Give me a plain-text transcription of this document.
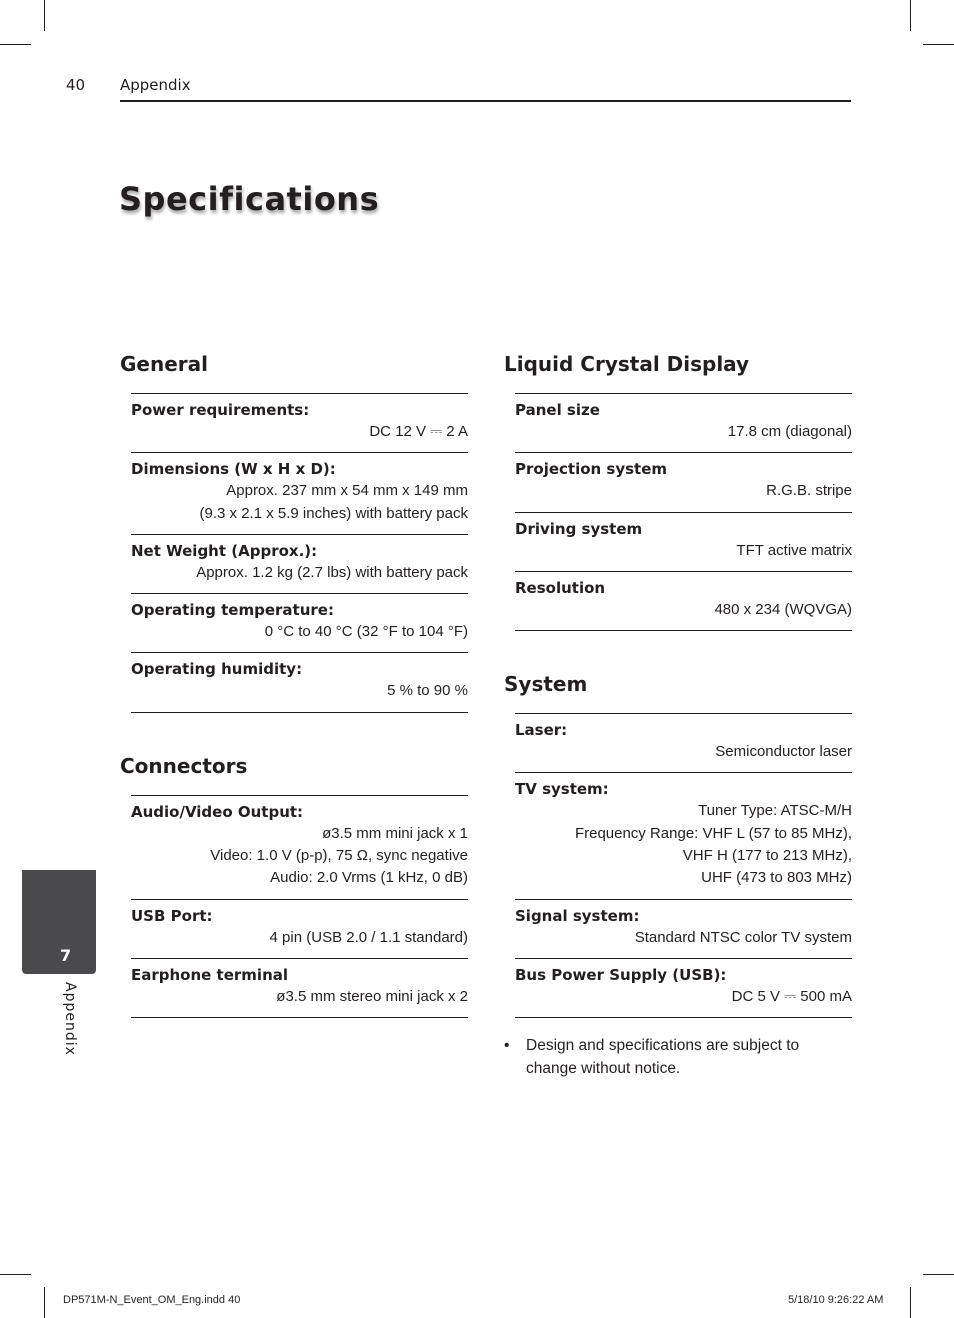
40 Appendix
Specifications
General
Power requirements:
DC 12 V ⎓ 2 A
Dimensions (W x H x D):
Approx. 237 mm x 54 mm x 149 mm
(9.3 x 2.1 x 5.9 inches) with battery pack
Net Weight (Approx.):
Approx. 1.2 kg (2.7 lbs) with battery pack
Operating temperature:
0 °C to 40 °C (32 °F to 104 °F)
Operating humidity:
5 % to 90 %
Connectors
Audio/Video Output:
ø3.5 mm mini jack x 1
Video: 1.0 V (p-p), 75 Ω, sync negative
Audio: 2.0 Vrms (1 kHz, 0 dB)
USB Port:
4 pin (USB 2.0 / 1.1 standard)
Earphone terminal
ø3.5 mm stereo mini jack x 2
Liquid Crystal Display
Panel size
17.8 cm (diagonal)
Projection system
R.G.B. stripe
Driving system
TFT active matrix
Resolution
480 x 234 (WQVGA)
System
Laser:
Semiconductor laser
TV system:
Tuner Type: ATSC-M/H
Frequency Range: VHF L (57 to 85 MHz),
VHF H (177 to 213 MHz),
UHF (473 to 803 MHz)
Signal system:
Standard NTSC color TV system
Bus Power Supply (USB):
DC 5 V ⎓ 500 mA
•	Design and specifications are subject to
change without notice.
7
Appendix
DP571M-N_Event_OM_Eng.indd 40	5/18/10 9:26:22 AM
